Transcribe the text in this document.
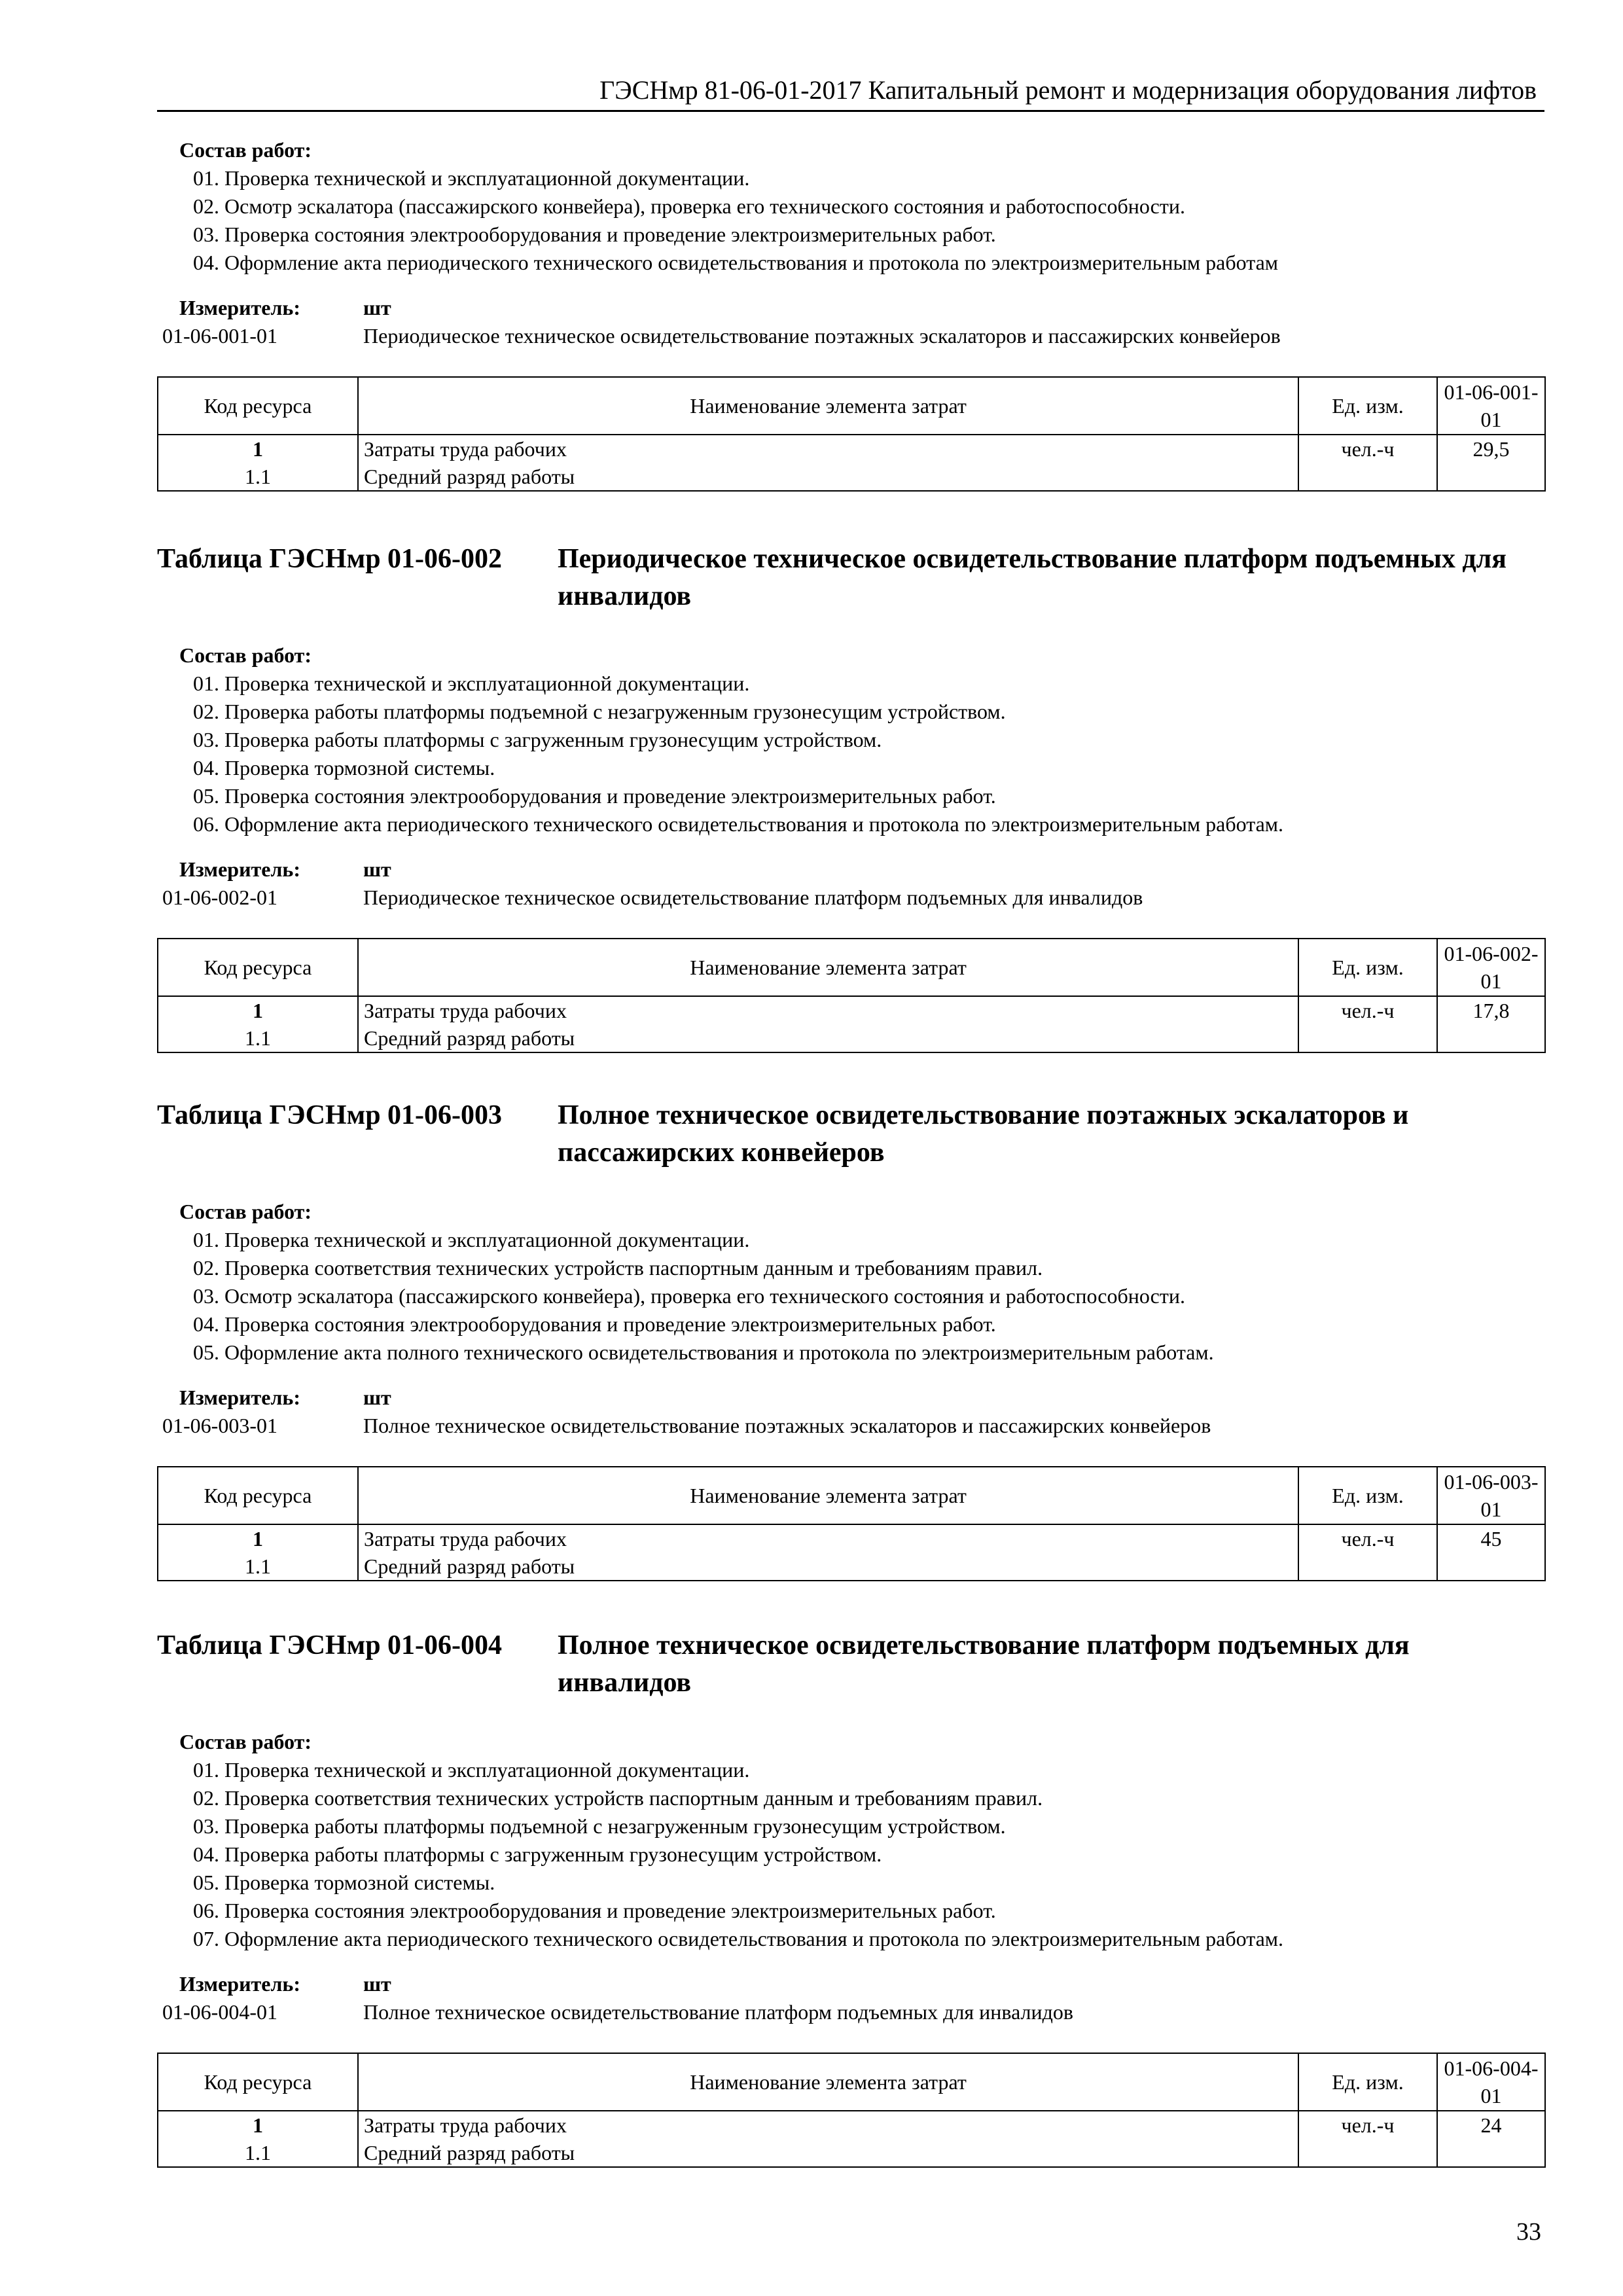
ГЭСНмр 81-06-01-2017 Капитальный ремонт и модернизация оборудования лифтов
Состав работ:
01. Проверка технической и эксплуатационной документации.
02. Осмотр эскалатора (пассажирского конвейера), проверка его технического состояния и работоспособности.
03. Проверка состояния электрооборудования и проведение электроизмерительных работ.
04. Оформление акта периодического технического освидетельствования и протокола по электроизмерительным работам
Измеритель:	шт
01-06-001-01	Периодическое техническое освидетельствование поэтажных эскалаторов и пассажирских конвейеров
Код ресурса	Наименование элемента затрат	Ед. изм.	01-06-001-01
1	Затраты труда рабочих	чел.-ч	29,5
1.1	Средний разряд работы		
Таблица ГЭСНмр 01-06-002 Периодическое техническое освидетельствование платформ подъемных для инвалидов
Состав работ:
01. Проверка технической и эксплуатационной документации.
02. Проверка работы платформы подъемной с незагруженным грузонесущим устройством.
03. Проверка работы платформы с загруженным грузонесущим устройством.
04. Проверка тормозной системы.
05. Проверка состояния электрооборудования и проведение электроизмерительных работ.
06. Оформление акта периодического технического освидетельствования и протокола по электроизмерительным работам.
Измеритель:	шт
01-06-002-01	Периодическое техническое освидетельствование платформ подъемных для инвалидов
Код ресурса	Наименование элемента затрат	Ед. изм.	01-06-002-01
1	Затраты труда рабочих	чел.-ч	17,8
1.1	Средний разряд работы		
Таблица ГЭСНмр 01-06-003 Полное техническое освидетельствование поэтажных эскалаторов и пассажирских конвейеров
Состав работ:
01. Проверка технической и эксплуатационной документации.
02. Проверка соответствия технических устройств паспортным данным и требованиям правил.
03. Осмотр эскалатора (пассажирского конвейера), проверка его технического состояния и работоспособности.
04. Проверка состояния электрооборудования и проведение электроизмерительных работ.
05. Оформление акта полного технического освидетельствования и протокола по электроизмерительным работам.
Измеритель:	шт
01-06-003-01	Полное техническое освидетельствование поэтажных эскалаторов и пассажирских конвейеров
Код ресурса	Наименование элемента затрат	Ед. изм.	01-06-003-01
1	Затраты труда рабочих	чел.-ч	45
1.1	Средний разряд работы		
Таблица ГЭСНмр 01-06-004 Полное техническое освидетельствование платформ подъемных для инвалидов
Состав работ:
01. Проверка технической и эксплуатационной документации.
02. Проверка соответствия технических устройств паспортным данным и требованиям правил.
03. Проверка работы платформы подъемной с незагруженным грузонесущим устройством.
04. Проверка работы платформы с загруженным грузонесущим устройством.
05. Проверка тормозной системы.
06. Проверка состояния электрооборудования и проведение электроизмерительных работ.
07. Оформление акта периодического технического освидетельствования и протокола по электроизмерительным работам.
Измеритель:	шт
01-06-004-01	Полное техническое освидетельствование платформ подъемных для инвалидов
Код ресурса	Наименование элемента затрат	Ед. изм.	01-06-004-01
1	Затраты труда рабочих	чел.-ч	24
1.1	Средний разряд работы		
33
